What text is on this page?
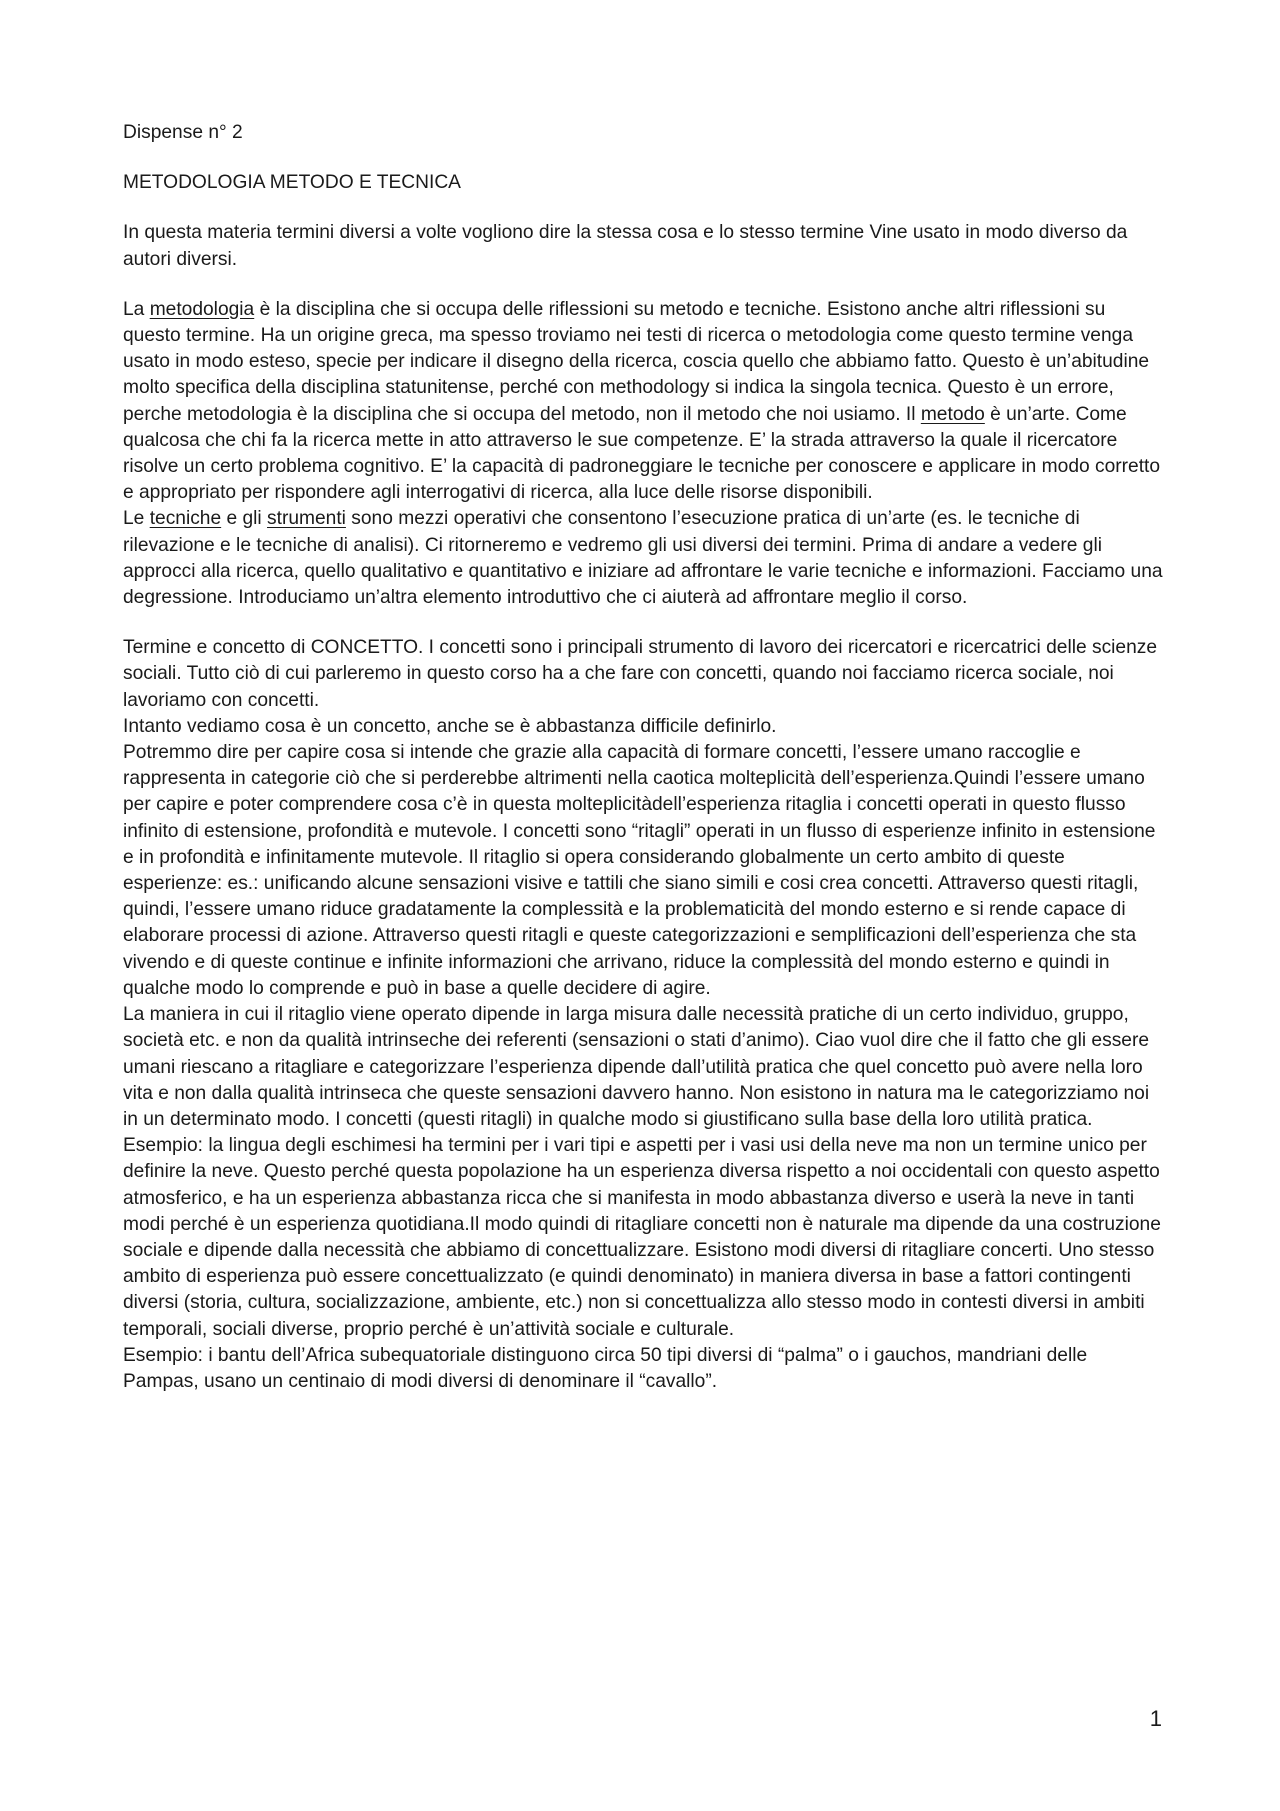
Dispense n° 2

METODOLOGIA METODO E TECNICA

In questa materia termini diversi a volte vogliono dire la stessa cosa e lo stesso termine Vine usato in modo diverso da autori diversi.

La metodologia è la disciplina che si occupa delle riflessioni su metodo e tecniche. Esistono anche altri riflessioni su questo termine. Ha un origine greca, ma spesso troviamo nei testi di ricerca o metodologia come questo termine venga usato in modo esteso, specie per indicare il disegno della ricerca, coscia quello che abbiamo fatto. Questo è un’abitudine molto specifica della disciplina statunitense, perché con methodology si indica la singola tecnica. Questo è un errore, perche metodologia è la disciplina che si occupa del metodo, non il metodo che noi usiamo. Il metodo è un’arte. Come qualcosa che chi fa la ricerca mette in atto attraverso le sue competenze. E’ la strada attraverso la quale il ricercatore risolve un certo problema cognitivo. E’ la capacità di padroneggiare le tecniche per conoscere e applicare in modo corretto e appropriato per rispondere agli interrogativi di ricerca, alla luce delle risorse disponibili.

Le tecniche e gli strumenti sono mezzi operativi che consentono l’esecuzione pratica di un’arte (es. le tecniche di rilevazione e le tecniche di analisi). Ci ritorneremo e vedremo gli usi diversi dei termini. Prima di andare a vedere gli approcci alla ricerca, quello qualitativo e quantitativo e iniziare ad affrontare le varie tecniche e informazioni. Facciamo una degressione. Introduciamo un’altra elemento introduttivo che ci aiuterà ad affrontare meglio il corso.

Termine e concetto di CONCETTO. I concetti sono i principali strumento di lavoro dei ricercatori e ricercatrici delle scienze sociali. Tutto ciò di cui parleremo in questo corso ha a che fare con concetti, quando noi facciamo ricerca sociale, noi lavoriamo con concetti.

Intanto vediamo cosa è un concetto, anche se è abbastanza difficile definirlo.

Potremmo dire per capire cosa si intende che grazie alla capacità di formare concetti, l’essere umano raccoglie e rappresenta in categorie ciò che si perderebbe altrimenti nella caotica molteplicità dell’esperienza.Quindi l’essere umano per capire e poter comprendere cosa c’è in questa molteplicitàdell’esperienza ritaglia i concetti operati in questo flusso infinito di estensione, profondità e mutevole. I concetti sono “ritagli” operati in un flusso di esperienze infinito in estensione e in profondità e infinitamente mutevole. Il ritaglio si opera considerando globalmente un certo ambito di queste esperienze: es.: unificando alcune sensazioni visive e tattili che siano simili e cosi crea concetti. Attraverso questi ritagli, quindi, l’essere umano riduce gradatamente la complessità e la problematicità del mondo esterno e si rende capace di elaborare processi di azione. Attraverso questi ritagli e queste categorizzazioni e semplificazioni dell’esperienza che sta vivendo e di queste continue e infinite informazioni che arrivano, riduce la complessità del mondo esterno e quindi in qualche modo lo comprende e può in base a quelle decidere di agire.

La maniera in cui il ritaglio viene operato dipende in larga misura dalle necessità pratiche di un certo individuo, gruppo, società etc. e non da qualità intrinseche dei referenti (sensazioni o stati d’animo). Ciao vuol dire che il fatto che gli essere umani riescano a ritagliare e categorizzare l’esperienza dipende dall’utilità pratica che quel concetto può avere nella loro vita e non dalla qualità intrinseca che queste sensazioni davvero hanno. Non esistono in natura ma le categorizziamo noi in un determinato modo. I concetti (questi ritagli) in qualche modo si giustificano sulla base della loro utilità pratica.

Esempio: la lingua degli eschimesi ha termini per i vari tipi e aspetti per i vasi usi della neve ma non un termine unico per definire la neve. Questo perché questa popolazione ha un esperienza diversa rispetto a noi occidentali con questo aspetto atmosferico, e ha un esperienza abbastanza ricca che si manifesta in modo abbastanza diverso e userà la neve in tanti modi perché è un esperienza quotidiana.Il modo quindi di ritagliare concetti non è naturale ma dipende da una costruzione sociale e dipende dalla necessità che abbiamo di concettualizzare. Esistono modi diversi di ritagliare concerti. Uno stesso ambito di esperienza può essere concettualizzato (e quindi denominato) in maniera diversa in base a fattori contingenti diversi (storia, cultura, socializzazione, ambiente, etc.) non si concettualizza allo stesso modo in contesti diversi in ambiti temporali, sociali diverse, proprio perché è un’attività sociale e culturale.

Esempio: i bantu dell’Africa subequatoriale distinguono circa 50 tipi diversi di “palma” o i gauchos, mandriani delle Pampas, usano un centinaio di modi diversi di denominare il “cavallo”.

1
